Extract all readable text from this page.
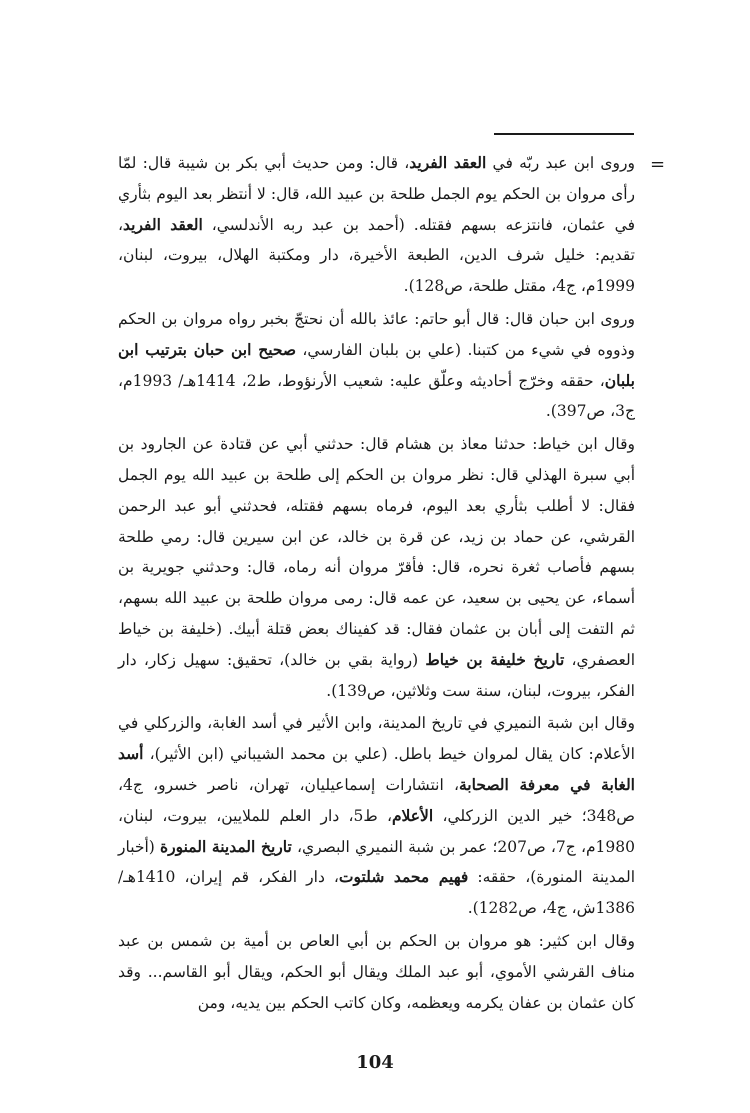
=

وروى ابن عبد ربّه في العقد الفريد، قال: ومن حديث أبي بكر بن شيبة قال: لمّا رأى مروان بن الحكم يوم الجمل طلحة بن عبيد الله، قال: لا أنتظر بعد اليوم بثأري في عثمان، فانتزعه بسهم فقتله. (أحمد بن عبد ربه الأندلسي، العقد الفريد، تقديم: خليل شرف الدين، الطبعة الأخيرة، دار ومكتبة الهلال، بيروت، لبنان، 1999م، ج4، مقتل طلحة، ص128).

وروى ابن حبان قال: قال أبو حاتم: عائذ بالله أن نحتجّ بخبر رواه مروان بن الحكم وذووه في شيء من كتبنا. (علي بن بلبان الفارسي، صحيح ابن حبان بترتيب ابن بلبان، حققه وخرّج أحاديثه وعلّق عليه: شعيب الأرنؤوط، ط2، 1414هـ/ 1993م، ج3، ص397).

وقال ابن خياط: حدثنا معاذ بن هشام قال: حدثني أبي عن قتادة عن الجارود بن أبي سبرة الهذلي قال: نظر مروان بن الحكم إلى طلحة بن عبيد الله يوم الجمل فقال: لا أطلب بثأري بعد اليوم، فرماه بسهم فقتله، فحدثني أبو عبد الرحمن القرشي، عن حماد بن زيد، عن قرة بن خالد، عن ابن سيرين قال: رمي طلحة بسهم فأصاب ثغرة نحره، قال: فأقرّ مروان أنه رماه، قال: وحدثني جويرية بن أسماء، عن يحيى بن سعيد، عن عمه قال: رمى مروان طلحة بن عبيد الله بسهم، ثم التفت إلى أبان بن عثمان فقال: قد كفيناك بعض قتلة أبيك. (خليفة بن خياط العصفري، تاريخ خليفة بن خياط (رواية بقي بن خالد)، تحقيق: سهيل زكار، دار الفكر، بيروت، لبنان، سنة ست وثلاثين، ص139).

وقال ابن شبة النميري في تاريخ المدينة، وابن الأثير في أسد الغابة، والزركلي في الأعلام: كان يقال لمروان خيط باطل. (علي بن محمد الشيباني (ابن الأثير)، أسد الغابة في معرفة الصحابة، انتشارات إسماعيليان، تهران، ناصر خسرو، ج4، ص348؛ خير الدين الزركلي، الأعلام، ط5، دار العلم للملايين، بيروت، لبنان، 1980م، ج7، ص207؛ عمر بن شبة النميري البصري، تاريخ المدينة المنورة (أخبار المدينة المنورة)، حققه: فهيم محمد شلتوت، دار الفكر، قم إيران، 1410هـ/ 1386ش، ج4، ص1282).

وقال ابن كثير: هو مروان بن الحكم بن أبي العاص بن أمية بن شمس بن عبد مناف القرشي الأموي، أبو عبد الملك ويقال أبو الحكم، ويقال أبو القاسم... وقد كان عثمان بن عفان يكرمه ويعظمه، وكان كاتب الحكم بين يديه، ومن

104
